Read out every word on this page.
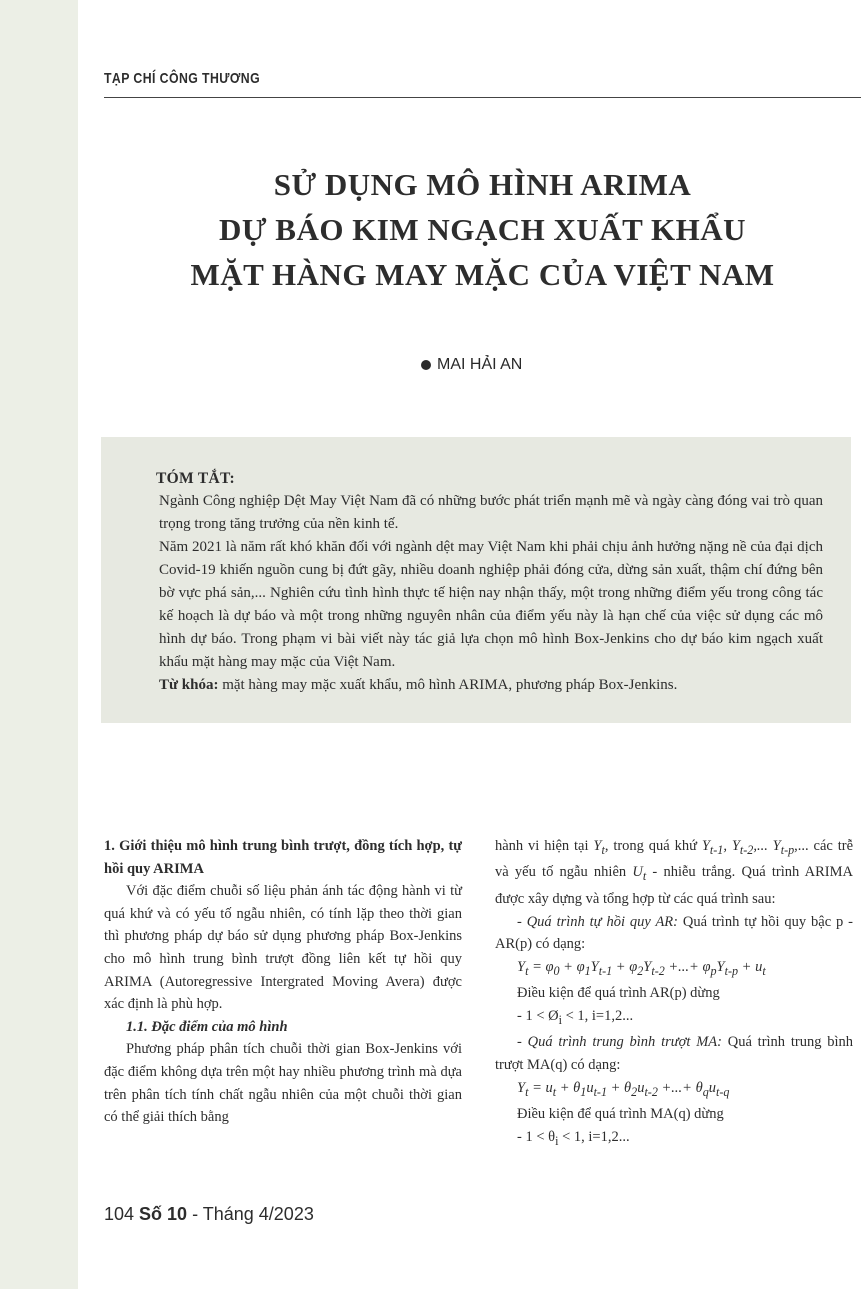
TẠP CHÍ CÔNG THƯƠNG
SỬ DỤNG MÔ HÌNH ARIMA
DỰ BÁO KIM NGẠCH XUẤT KHẨU
MẶT HÀNG MAY MẶC CỦA VIỆT NAM
MAI HẢI AN
TÓM TẮT:

Ngành Công nghiệp Dệt May Việt Nam đã có những bước phát triển mạnh mẽ và ngày càng đóng vai trò quan trọng trong tăng trưởng của nền kinh tế.

Năm 2021 là năm rất khó khăn đối với ngành dệt may Việt Nam khi phải chịu ảnh hưởng nặng nề của đại dịch Covid-19 khiến nguồn cung bị đứt gãy, nhiều doanh nghiệp phải đóng cửa, dừng sản xuất, thậm chí đứng bên bờ vực phá sản,... Nghiên cứu tình hình thực tế hiện nay nhận thấy, một trong những điểm yếu trong công tác kế hoạch là dự báo và một trong những nguyên nhân của điểm yếu này là hạn chế của việc sử dụng các mô hình dự báo. Trong phạm vi bài viết này tác giả lựa chọn mô hình Box-Jenkins cho dự báo kim ngạch xuất khẩu mặt hàng may mặc của Việt Nam.

Từ khóa: mặt hàng may mặc xuất khẩu, mô hình ARIMA, phương pháp Box-Jenkins.

1. Giới thiệu mô hình trung bình trượt, đồng tích hợp, tự hồi quy ARIMA

Với đặc điểm chuỗi số liệu phản ánh tác động hành vi từ quá khứ và có yếu tố ngẫu nhiên, có tính lặp theo thời gian thì phương pháp dự báo sử dụng phương pháp Box-Jenkins cho mô hình trung bình trượt đồng liên kết tự hồi quy ARIMA (Autoregressive Intergrated Moving Avera) được xác định là phù hợp.

1.1. Đặc điểm của mô hình

Phương pháp phân tích chuỗi thời gian Box-Jenkins với đặc điểm không dựa trên một hay nhiều phương trình mà dựa trên phân tích tính chất ngẫu nhiên của một chuỗi thời gian có thể giải thích bằng

hành vi hiện tại $Y_t$, trong quá khứ $Y_{t-1}$, $Y_{t-2}$,... $Y_{t-p}$,... các trễ và yếu tố ngẫu nhiên $U_t$ - nhiễu trắng. Quá trình ARIMA được xây dựng và tổng hợp từ các quá trình sau:

- Quá trình tự hồi quy AR: Quá trình tự hồi quy bậc p - AR(p) có dạng:

$Y_t = \varphi_0 + \varphi_1Y_{t-1} + \varphi_2Y_{t-2}$ +...+ $\varphi_pY_{t-p} + u_t$

Điều kiện để quá trình AR(p) dừng

- $1 < Ø_i < 1$, i=1,2...

- Quá trình trung bình trượt MA: Quá trình trung bình trượt MA(q) có dạng:

$Y_t = u_t + \theta_1u_{t-1} + \theta_2u_{t-2}$ +...+ $\theta_qu_{t-q}$

Điều kiện để quá trình MA(q) dừng

- $1 < \theta_i < 1$, i=1,2...

104 Số 10 - Tháng 4/2023
